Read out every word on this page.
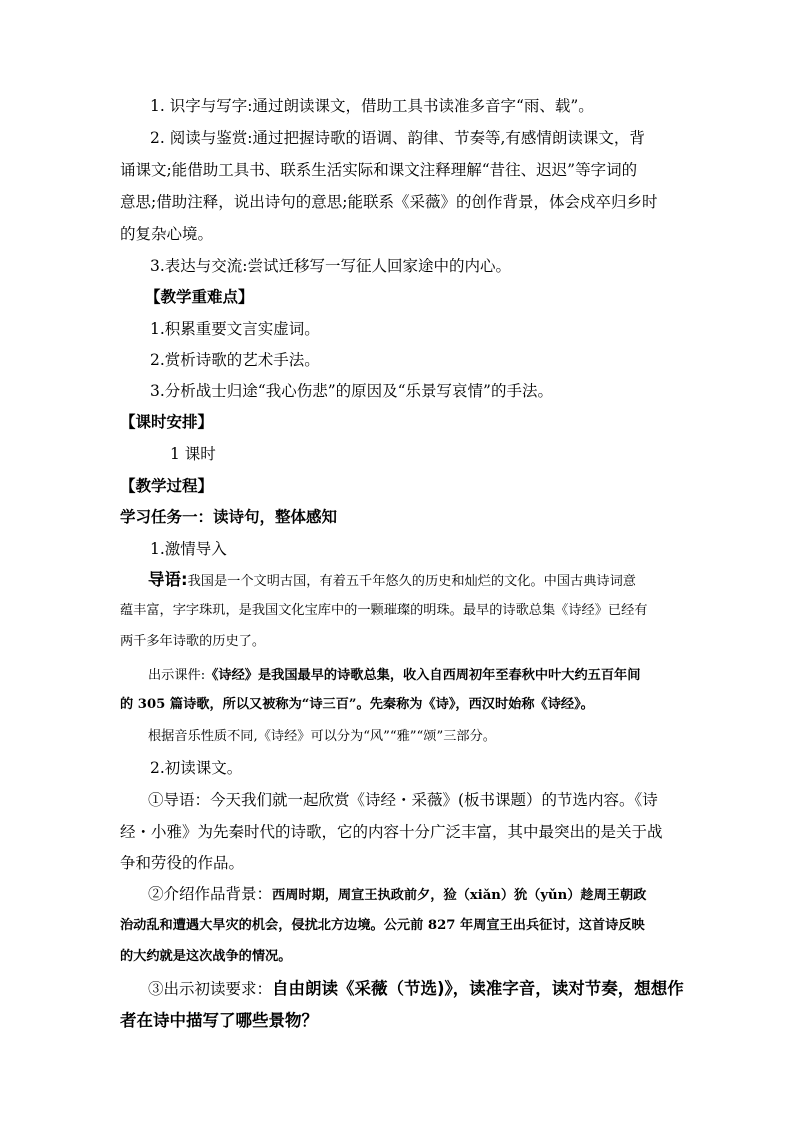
1. 识字与写字:通过朗读课文，借助工具书读准多音字“雨、载”。
2. 阅读与鉴赏:通过把握诗歌的语调、韵律、节奏等,有感情朗读课文，背
诵课文;能借助工具书、联系生活实际和课文注释理解“昔往、迟迟”等字词的
意思;借助注释，说出诗句的意思;能联系《采薇》的创作背景，体会戍卒归乡时
的复杂心境。
3.表达与交流:尝试迁移写一写征人回家途中的内心。
【教学重难点】
1.积累重要文言实虚词。
2.赏析诗歌的艺术手法。
3.分析战士归途“我心伤悲”的原因及“乐景写哀情”的手法。
【课时安排】
1 课时
【教学过程】
学习任务一：读诗句，整体感知
1.激情导入
导语:我国是一个文明古国，有着五千年悠久的历史和灿烂的文化。中国古典诗词意
蕴丰富，字字珠玑，是我国文化宝库中的一颗璀璨的明珠。最早的诗歌总集《诗经》已经有
两千多年诗歌的历史了。
出示课件:《诗经》是我国最早的诗歌总集，收入自西周初年至春秋中叶大约五百年间
的 305 篇诗歌，所以又被称为“诗三百”。先秦称为《诗》，西汉时始称《诗经》。
根据音乐性质不同,《诗经》可以分为“风”“雅”“颂”三部分。
2.初读课文。
①导语：今天我们就一起欣赏《诗经・采薇》(板书课题）的节选内容。《诗
经・小雅》为先秦时代的诗歌，它的内容十分广泛丰富，其中最突出的是关于战
争和劳役的作品。
②介绍作品背景：西周时期，周宣王执政前夕，猃（xiǎn）狁（yǔn）趁周王朝政
治动乱和遭遇大旱灾的机会，侵扰北方边境。公元前 827 年周宣王出兵征讨，这首诗反映
的大约就是这次战争的情况。
③出示初读要求：自由朗读《采薇（节选)》，读准字音，读对节奏，想想作
者在诗中描写了哪些景物？
